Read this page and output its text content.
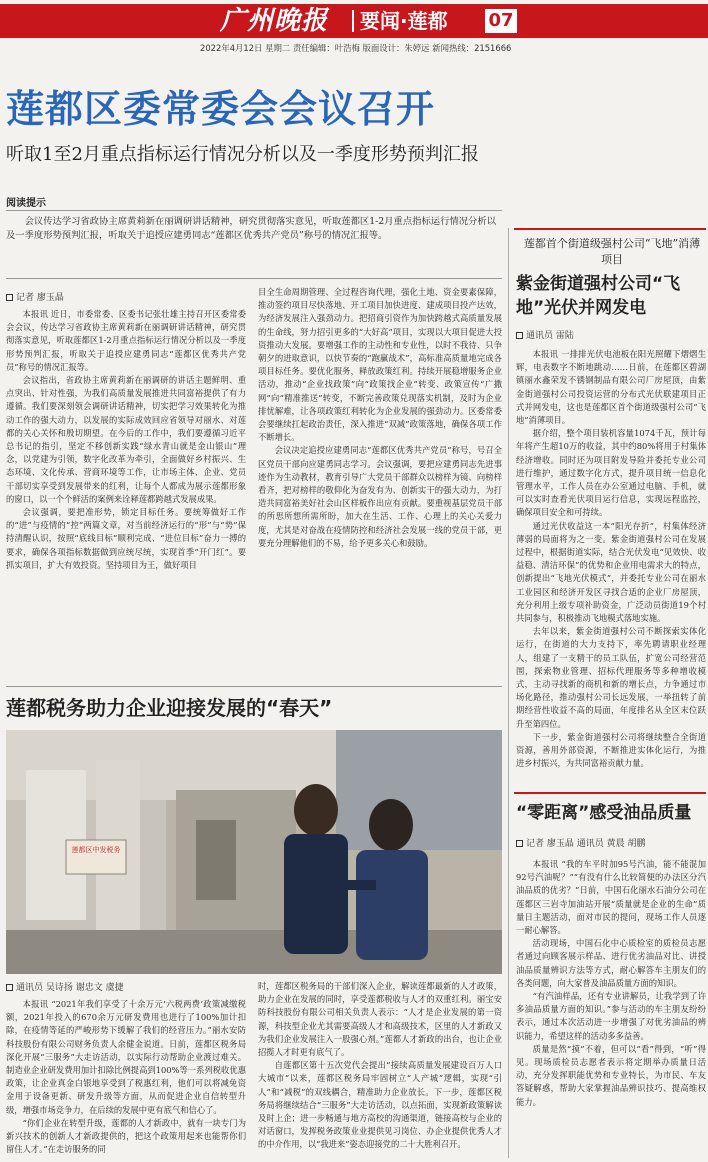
广州晚报	要闻·莲都	07
2022年4月12日 星期二 责任编辑：叶浩梅 版面设计：朱婷远 新闻热线：2151666
莲都区委常委会会议召开
听取1至2月重点指标运行情况分析以及一季度形势预判汇报
阅读提示
会议传达学习省政协主席黄莉新在丽调研讲话精神，研究贯彻落实意见，听取莲都区1-2月重点指标运行情况分析以及一季度形势预判汇报，听取关于追授应建勇同志“莲都区优秀共产党员”称号的情况汇报等。
记者 廖玉晶

本报讯 近日，市委常委、区委书记张壮雄主持召开区委常委会会议，传达学习省政协主席黄莉新在丽调研讲话精神，研究贯彻落实意见，听取莲都区1-2月重点指标运行情况分析以及一季度形势预判汇报，听取关于追授应建勇同志“莲都区优秀共产党员”称号的情况汇报等。

会议指出，省政协主席黄莉新在丽调研的讲话主题鲜明、重点突出、针对性强，为我们高质量发展推进共同富裕提供了有力遵循。我们要深刻领会调研讲话精神，切实把学习效果转化为推动工作的强大动力，以发展的实际成效回应省领导对丽水、对莲都的关心关怀和殷切期望。在今后的工作中，我们要遵循习近平总书记的指引，坚定不移创新实践“绿水青山就是金山银山”理念，以党建为引领，数字化改革为牵引，全面做好乡村振兴、生态环境、文化传承、营商环境等工作，让市场主体、企业、党员干部切实享受到发展带来的红利，让每个人都成为展示莲都形象的窗口，以一个个鲜活的案例来诠释莲都跨越式发展成果。

会议强调，要把准形势，锁定目标任务。要统筹做好工作的“进”与疫情的“控”两篇文章，对当前经济运行的“形”与“势”保持清醒认识，按照“底线目标”顺利完成、“进位目标”奋力一搏的要求，确保各项指标数据做到应统尽统，实现首季“开门红”。要抓实项目，扩大有效投资。坚持项目为王，做好项目

目全生命周期管理、全过程咨询代理，强化土地、资金要素保障，推动签约项目尽快落地、开工项目加快进度、建成项目投产达效，为经济发展注入强劲动力。把招商引资作为加快跨越式高质量发展的生命线，努力招引更多的“大好高”项目，实现以大项目促进大投资推动大发展。要增强工作的主动性和专业性，以时不我待、只争朝夕的进取意识，以快节奏的“跑赢战术”，高标准高质量地完成各项目标任务。要优化服务，释放政策红利。持续开展稳增服务企业活动，推动“企业找政策”向“政策找企业”转变、政策宣传“广撒网”向“精准推送”转变，不断完善政策兑现落实机制，及时为企业排忧解难，让各项政策红利转化为企业发展的强劲动力。区委常委会要继续扛起政治责任，深入推进“双减”政策落地，确保各项工作不断增长。

会议决定追授应建勇同志“莲都区优秀共产党员”称号，号召全区党员干部向应建勇同志学习。会议强调，要把应建勇同志先进事迹作为生动教材，教育引导广大党员干部群众以榜样为镜、向榜样看齐，把对榜样的敬仰化为奋发有为、创新实干的强大动力，为打造共同富裕美好社会山区样板作出应有贡献。要重视基层党员干部的所思所想所需所盼，加大在生活、工作、心理上的关心关爱力度，尤其是对奋战在疫情防控和经济社会发展一线的党员干部，更要充分理解他们的不易，给予更多关心和鼓励。

莲都首个街道级强村公司“飞地”消薄项目
紫金街道强村公司“飞地”光伏并网发电
通讯员 雷陆

本报讯 一排排光伏电池板在阳光照耀下熠熠生辉，电表数字不断地跳动……日前，在莲都区碧湖镇丽水鑫荣发不锈钢制品有限公司厂房屋顶，由紫金街道强村公司投资运营的分布式光伏联建项目正式并网发电，这也是莲都区首个街道级强村公司“飞地”消薄项目。

据介绍，整个项目装机容量1074千瓦，预计每年将产生超10万的收益，其中约80%将用于村集体经济增收。同时还为项目附发导险并委托专业公司进行维护，通过数字化方式，提升项目统一信息化管理水平，工作人员在办公室通过电脑、手机，就可以实时查看光伏项目运行信息，实现远程监控，确保项目安全和可持续。

通过光伏收益这一本“阳光存折”，村集体经济薄弱的局面将为之一变。紫金街道强村公司在发展过程中，根据街道实际，结合光伏发电“见效快、收益稳、清洁环保”的优势和企业用电需求大的特点，创新提出“飞地光伏模式”，并委托专业公司在丽水工业园区和经济开发区寻找合适的企业厂房屋顶，充分利用上级专项补助资金，广泛动员街道19个村共同参与，积极推动飞地模式落地实施。

去年以来，紫金街道强村公司不断探索实体化运行，在街道的大力支持下，率先聘请职业经理人，组建了一支精干的员工队伍，扩宽公司经营范围，探索物业管理、招标代理服务等多种增收模式，主动寻找新的商机和新的增长点，力争通过市场化路径，推动强村公司长远发展，一举扭转了前期经营性收益不高的局面，年度排名从全区末位跃升至第四位。

下一步，紫金街道强村公司将继续整合全街道资源，善用外部资源，不断推进实体化运行，为推进乡村振兴，为共同富裕贡献力量。

“零距离”感受油品质量
记者 廖玉晶 通讯员 黄晨 胡鹏

本报讯 “我的车平时加95号汽油，能不能混加92号汽油呢？”“有没有什么比较简便的办法区分汽油品质的优劣？”日前，中国石化丽水石油分公司在莲都区三岩寺加油站开展“质量就是企业的生命”质量日主题活动，面对市民的提问，现场工作人员逐一耐心解答。

活动现场，中国石化中心质检室的质检员志愿者通过向顾客展示样品、进行优劣油品对比、讲授油品质量辨识方法等方式，耐心解答车主朋友们的各类问题，向大家普及油品质量方面的知识。

“有汽油样品，还有专业讲解员，让我学到了许多油品质量方面的知识。”参与活动的车主朋友纷纷表示，通过本次活动进一步增强了对优劣油品的辨识能力，希望这样的活动多多益善。

质量是然“摸”不着，但可以“看”得到，“听”得见。现场质检员志愿者表示将定期举办质量日活动，充分发挥职能优势和专业特长，为市民、车友答疑解惑，帮助大家掌握油品辨识技巧、提高维权能力。

莲都税务助力企业迎接发展的“春天”
莲都区中发税务
通讯员 吴诗扬 谢忠文 虞捷

本报讯 “2021年我们享受了十余万元‘六税两费’政策减缴税额，2021年投入的670余万元研发费用也进行了100%加计扣除，在疫情等延的严峻形势下缓解了我们的经营压力。”丽水安防科技股份有限公司财务负责人余健金说道。日前，莲都区税务局深化开展“三服务”大走访活动，以实际行动帮助企业渡过难关。制造业企业研发费用加计扣除比例提高到100%等一系列税收优惠政策，让企业真金白银地享受到了税惠红利，他们可以将减免资金用于设备更新、研发升级等方面，从而促进企业自信转型升级，增强市场竞争力，在后续的发展中更有底气和信心了。

“你们企业在转型升级，莲都的人才新政中，就有一块专门为新兴技术的创新人才新政提供的，把这个政策用起来也能帮你们留住人才。”在走访服务的同

时，莲都区税务局的干部们深入企业，解读莲都最新的人才政策，助力企业在发展的同时，享受莲都税收与人才的双重红利。丽宝安防科技股份有限公司相关负责人表示：“人才是企业发展的第一资源，科技型企业尤其需要高级人才和高级技术，区里的人才新政又为我们企业发展注入一股强心剂。”莲都人才新政的出台，也让企业招揽人才时更有底气了。

自莲都区第十五次党代会提出“接续高质量发展建设百万人口大城市”以来，莲都区税务局牢固树立“人产城”逻辑，实现“引人”和“减税”的双线耦合，精准助力企业放长。下一步，莲都区税务局将继续结合“三服务”大走访活动，以点拓面，实现新政策解读及时上企；进一步畅通与地方高校的沟通渠道，链接高校与企业的对话窗口，发挥税务政策业业提供见习岗位、办企业提供优秀人才的中介作用，以“我进来”姿态迎接党的二十大胜利召开。
